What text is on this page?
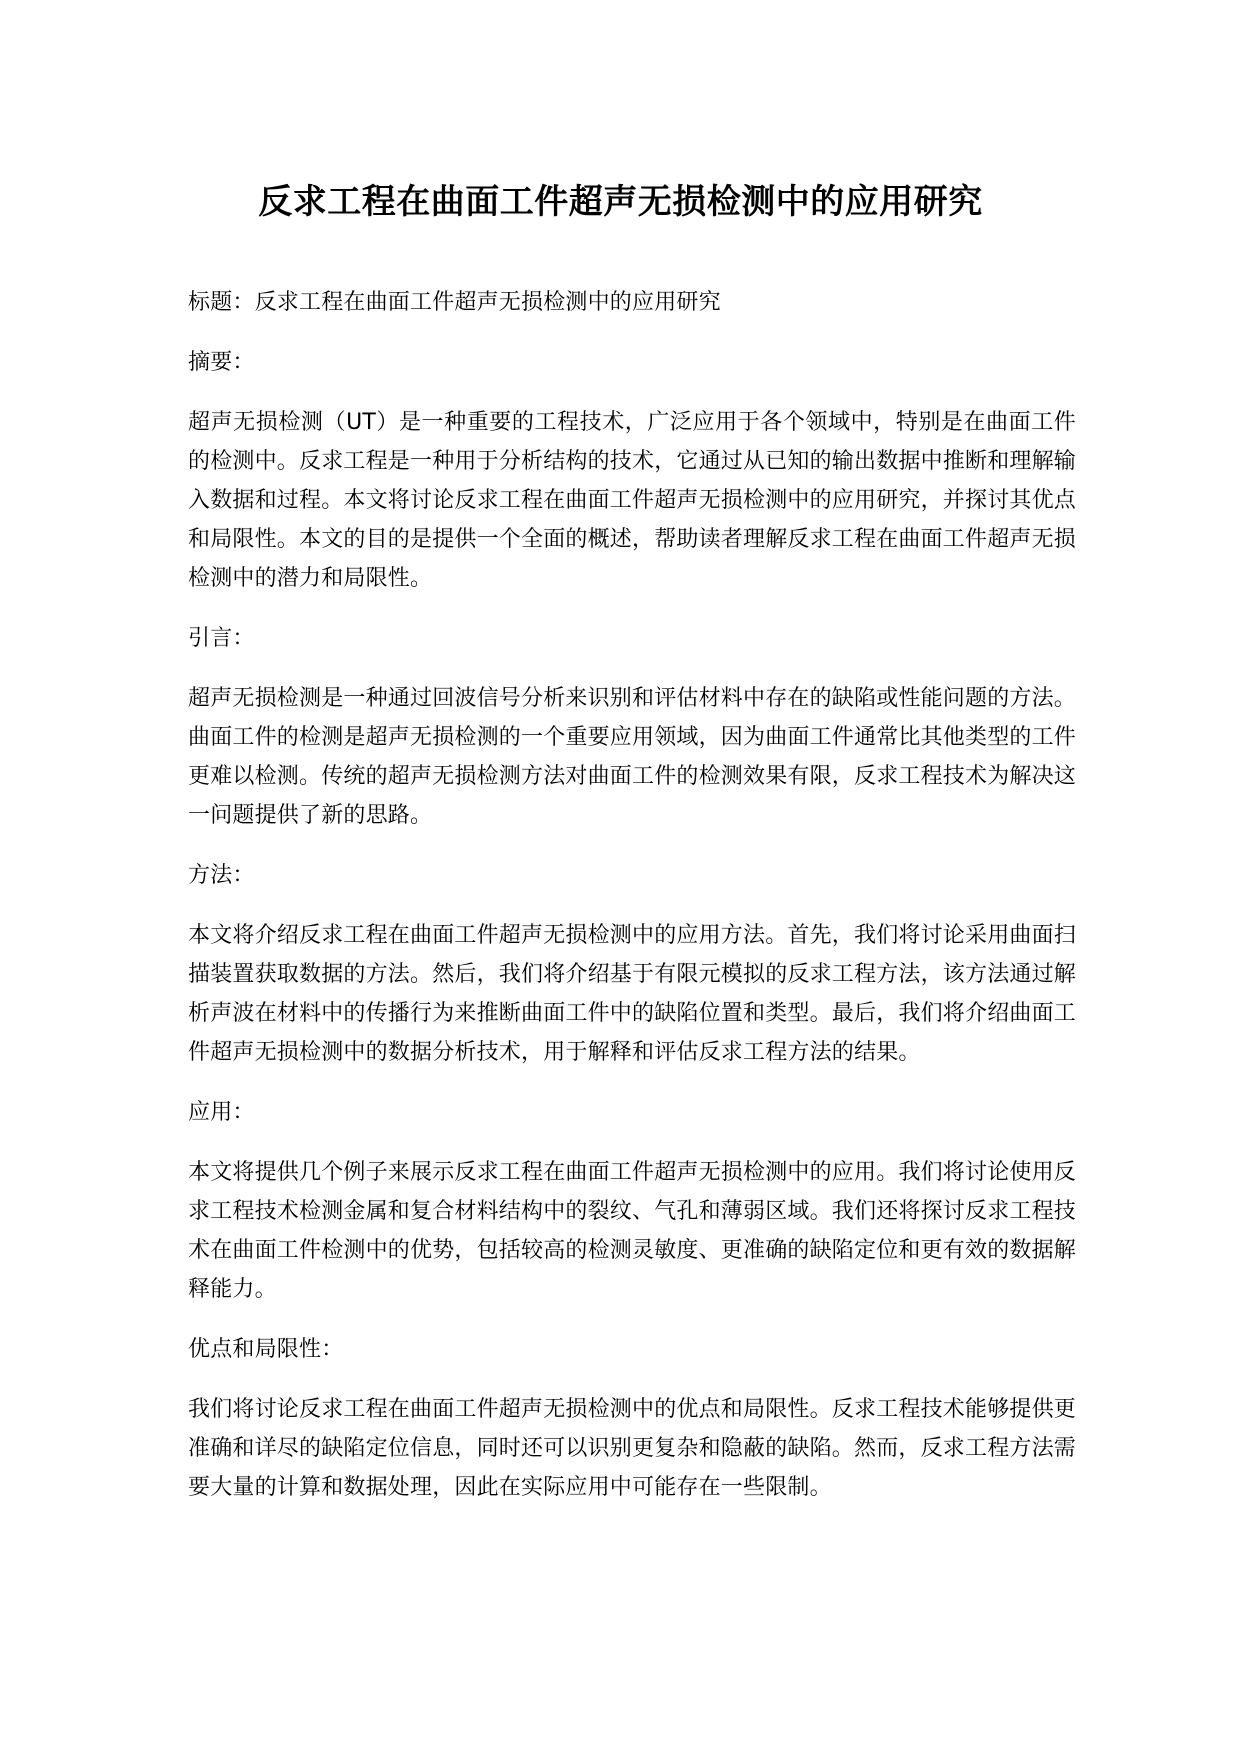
反求工程在曲面工件超声无损检测中的应用研究

标题：反求工程在曲面工件超声无损检测中的应用研究

摘要：

超声无损检测（UT）是一种重要的工程技术，广泛应用于各个领域中，特别是在曲面工件的检测中。反求工程是一种用于分析结构的技术，它通过从已知的输出数据中推断和理解输入数据和过程。本文将讨论反求工程在曲面工件超声无损检测中的应用研究，并探讨其优点和局限性。本文的目的是提供一个全面的概述，帮助读者理解反求工程在曲面工件超声无损检测中的潜力和局限性。

引言：

超声无损检测是一种通过回波信号分析来识别和评估材料中存在的缺陷或性能问题的方法。曲面工件的检测是超声无损检测的一个重要应用领域，因为曲面工件通常比其他类型的工件更难以检测。传统的超声无损检测方法对曲面工件的检测效果有限，反求工程技术为解决这一问题提供了新的思路。

方法：

本文将介绍反求工程在曲面工件超声无损检测中的应用方法。首先，我们将讨论采用曲面扫描装置获取数据的方法。然后，我们将介绍基于有限元模拟的反求工程方法，该方法通过解析声波在材料中的传播行为来推断曲面工件中的缺陷位置和类型。最后，我们将介绍曲面工件超声无损检测中的数据分析技术，用于解释和评估反求工程方法的结果。

应用：

本文将提供几个例子来展示反求工程在曲面工件超声无损检测中的应用。我们将讨论使用反求工程技术检测金属和复合材料结构中的裂纹、气孔和薄弱区域。我们还将探讨反求工程技术在曲面工件检测中的优势，包括较高的检测灵敏度、更准确的缺陷定位和更有效的数据解释能力。

优点和局限性：

我们将讨论反求工程在曲面工件超声无损检测中的优点和局限性。反求工程技术能够提供更准确和详尽的缺陷定位信息，同时还可以识别更复杂和隐蔽的缺陷。然而，反求工程方法需要大量的计算和数据处理，因此在实际应用中可能存在一些限制。
